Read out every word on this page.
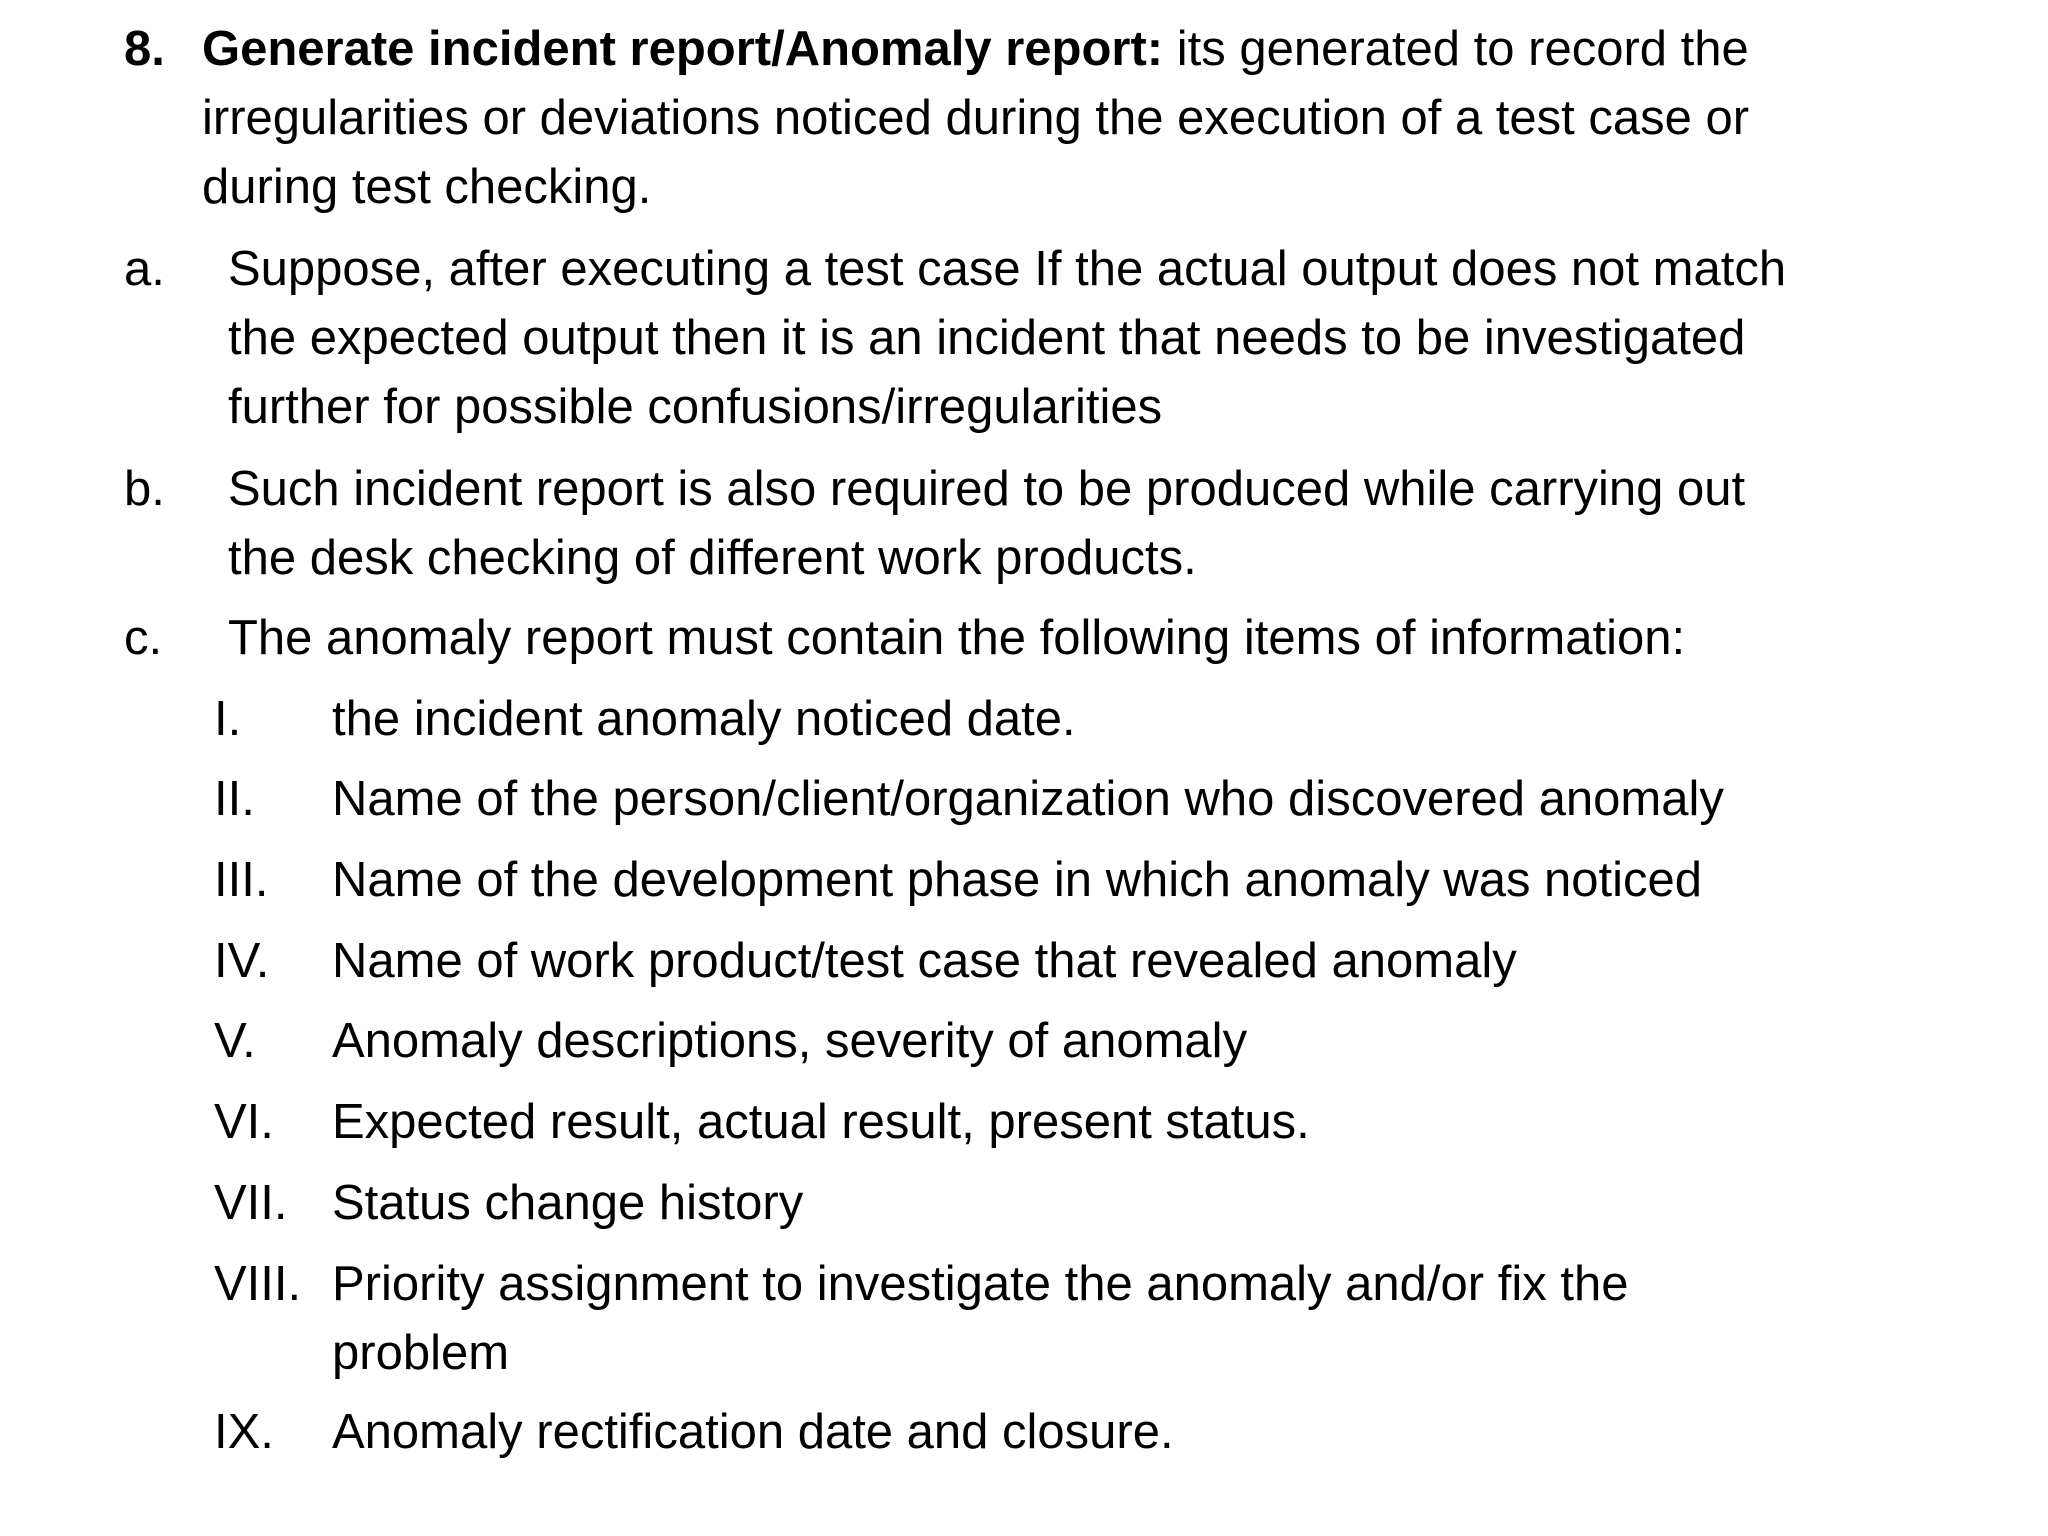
8. Generate incident report/Anomaly report: its generated to record the
irregularities or deviations noticed during the execution of a test case or
during test checking.
a. Suppose, after executing a test case If the actual output does not match
the expected output then it is an incident that needs to be investigated
further for possible confusions/irregularities
b. Such incident report is also required to be produced while carrying out
the desk checking of different work products.
c. The anomaly report must contain the following items of information:
I. the incident anomaly noticed date.
II. Name of the person/client/organization who discovered anomaly
III. Name of the development phase in which anomaly was noticed
IV. Name of work product/test case that revealed anomaly
V. Anomaly descriptions, severity of anomaly
VI. Expected result, actual result, present status.
VII. Status change history
VIII. Priority assignment to investigate the anomaly and/or fix the
problem
IX. Anomaly rectification date and closure.
